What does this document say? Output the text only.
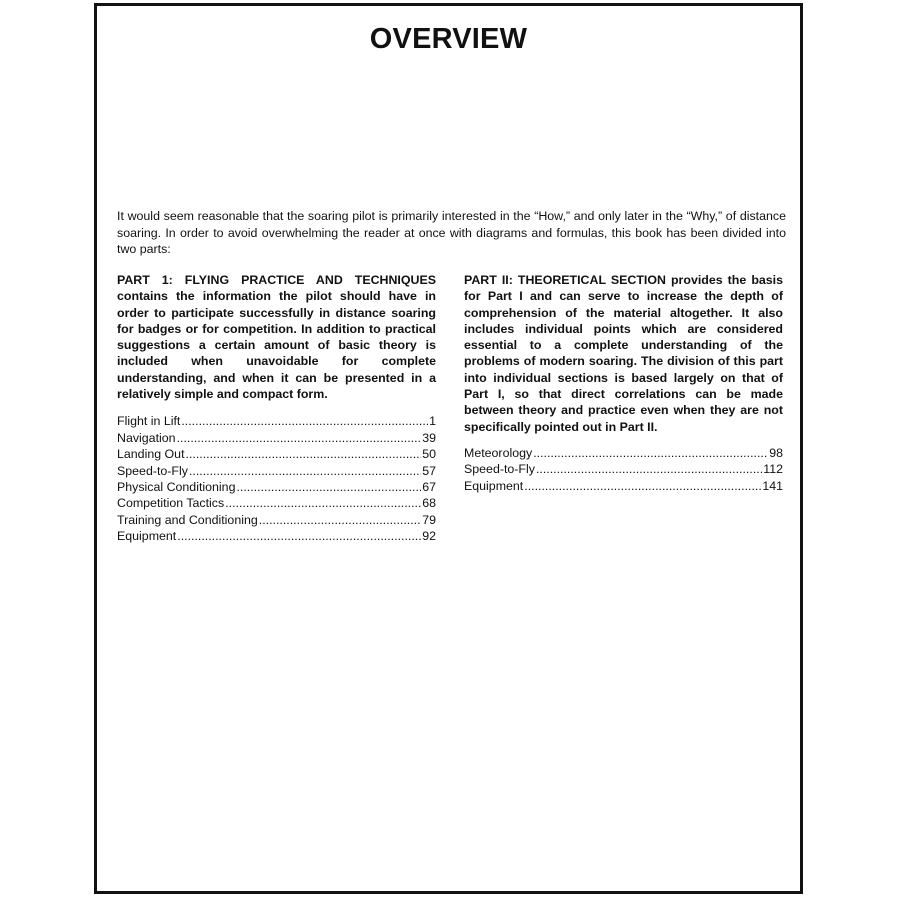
OVERVIEW

It would seem reasonable that the soaring pilot is primarily interested in the “How,” and only later in the “Why,” of distance soaring. In order to avoid overwhelming the reader at once with diagrams and formulas, this book has been divided into two parts:

PART 1: FLYING PRACTICE AND TECHNIQUES contains the information the pilot should have in order to participate successfully in distance soaring for badges or for competition. In addition to practical suggestions a certain amount of basic theory is included when unavoidable for complete understanding, and when it can be presented in a relatively simple and compact form.

Flight in Lift .....	1
Navigation .....	39
Landing Out .....	50
Speed-to-Fly .....	57
Physical Conditioning .....	67
Competition Tactics .....	68
Training and Conditioning .....	79
Equipment .....	92

PART II: THEORETICAL SECTION provides the basis for Part I and can serve to increase the depth of comprehension of the material altogether. It also includes individual points which are considered essential to a complete understanding of the problems of modern soaring. The division of this part into individual sections is based largely on that of Part I, so that direct correlations can be made between theory and practice even when they are not specifically pointed out in Part II.

Meteorology .....	98
Speed-to-Fly .....	112
Equipment .....	141
